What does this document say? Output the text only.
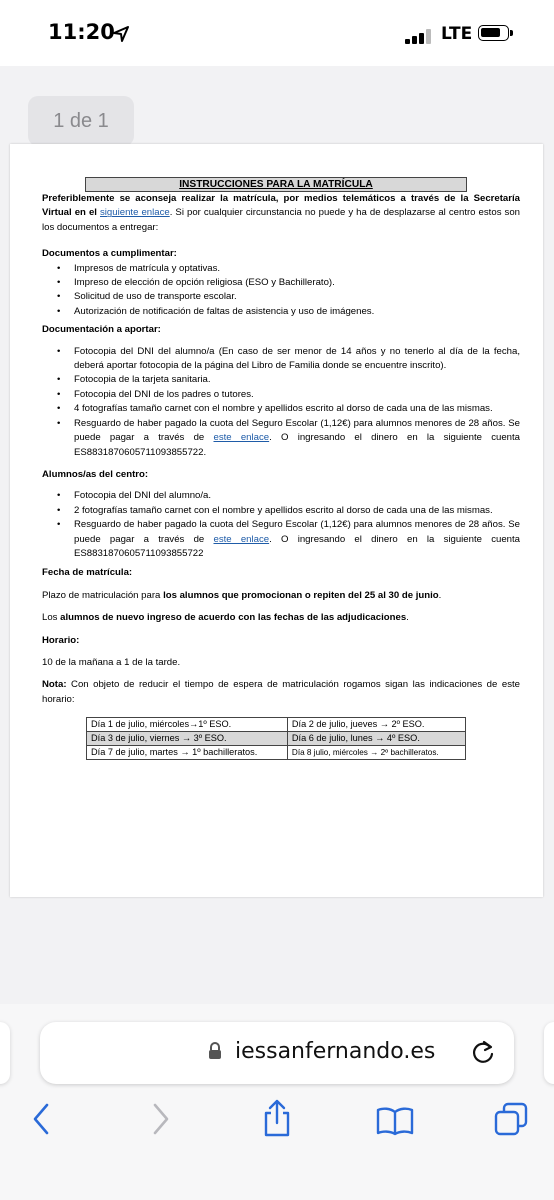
11:20	LTE
1 de 1
INSTRUCCIONES PARA LA MATRÍCULA

Preferiblemente se aconseja realizar la matrícula, por medios telemáticos a través de la Secretaría Virtual en el siguiente enlace. Si por cualquier circunstancia no puede y ha de desplazarse al centro estos son los documentos a entregar:

Documentos a cumplimentar:

• Impresos de matrícula y optativas.
• Impreso de elección de opción religiosa (ESO y Bachillerato).
• Solicitud de uso de transporte escolar.
• Autorización de notificación de faltas de asistencia y uso de imágenes.

Documentación a aportar:

• Fotocopia del DNI del alumno/a (En caso de ser menor de 14 años y no tenerlo al día de la fecha, deberá aportar fotocopia de la página del Libro de Familia donde se encuentre inscrito).
• Fotocopia de la tarjeta sanitaria.
• Fotocopia del DNI de los padres o tutores.
• 4 fotografías tamaño carnet con el nombre y apellidos escrito al dorso de cada una de las mismas.
• Resguardo de haber pagado la cuota del Seguro Escolar (1,12€) para alumnos menores de 28 años. Se puede pagar a través de este enlace. O ingresando el dinero en la siguiente cuenta ES8831870605711093855722.

Alumnos/as del centro:

• Fotocopia del DNI del alumno/a.
• 2 fotografías tamaño carnet con el nombre y apellidos escrito al dorso de cada una de las mismas.
• Resguardo de haber pagado la cuota del Seguro Escolar (1,12€) para alumnos menores de 28 años. Se puede pagar a través de este enlace. O ingresando el dinero en la siguiente cuenta ES8831870605711093855722

Fecha de matrícula:

Plazo de matriculación para los alumnos que promocionan o repiten del 25 al 30 de junio.

Los alumnos de nuevo ingreso de acuerdo con las fechas de las adjudicaciones.

Horario:

10 de la mañana a 1 de la tarde.

Nota: Con objeto de reducir el tiempo de espera de matriculación rogamos sigan las indicaciones de este horario:

Día 1 de julio, miércoles→1º ESO.	Día 2 de julio, jueves → 2º ESO.
Día 3 de julio, viernes → 3º ESO.	Día 6 de julio, lunes → 4º ESO.
Día 7 de julio, martes → 1º bachilleratos.	Día 8 julio, miércoles → 2º bachilleratos.
iessanfernando.es
